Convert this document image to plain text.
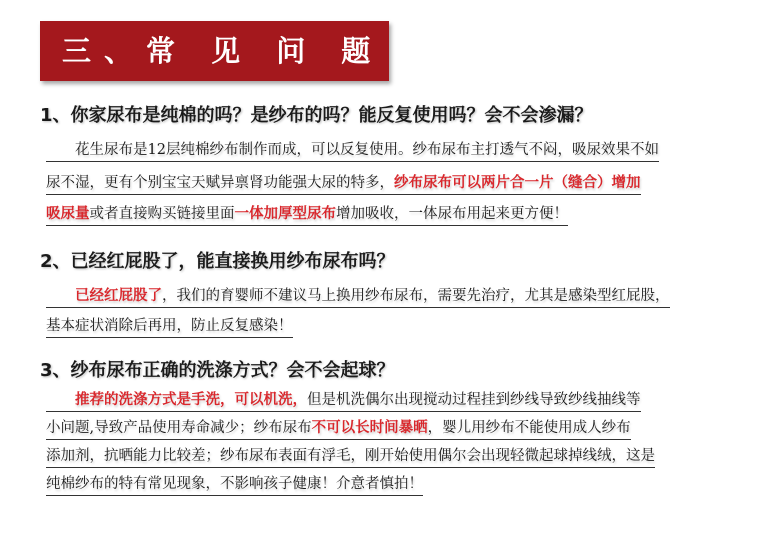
三、常 见 问 题
1、你家尿布是纯棉的吗？是纱布的吗？能反复使用吗？会不会渗漏？
　　花生尿布是12层纯棉纱布制作而成，可以反复使用。纱布尿布主打透气不闷，吸尿效果不如
尿不湿，更有个别宝宝天赋异禀肾功能强大尿的特多，纱布尿布可以两片合一片（缝合）增加
吸尿量或者直接购买链接里面一体加厚型尿布增加吸收，一体尿布用起来更方便！
2、已经红屁股了，能直接换用纱布尿布吗？
　　已经红屁股了，我们的育婴师不建议马上换用纱布尿布，需要先治疗，尤其是感染型红屁股，
基本症状消除后再用，防止反复感染！
3、纱布尿布正确的洗涤方式？会不会起球？
　　推荐的洗涤方式是手洗，可以机洗，但是机洗偶尔出现搅动过程挂到纱线导致纱线抽线等
小问题,导致产品使用寿命减少；纱布尿布不可以长时间暴晒，婴儿用纱布不能使用成人纱布
添加剂，抗晒能力比较差；纱布尿布表面有浮毛，刚开始使用偶尔会出现轻微起球掉线绒，这是
纯棉纱布的特有常见现象，不影响孩子健康！介意者慎拍！
